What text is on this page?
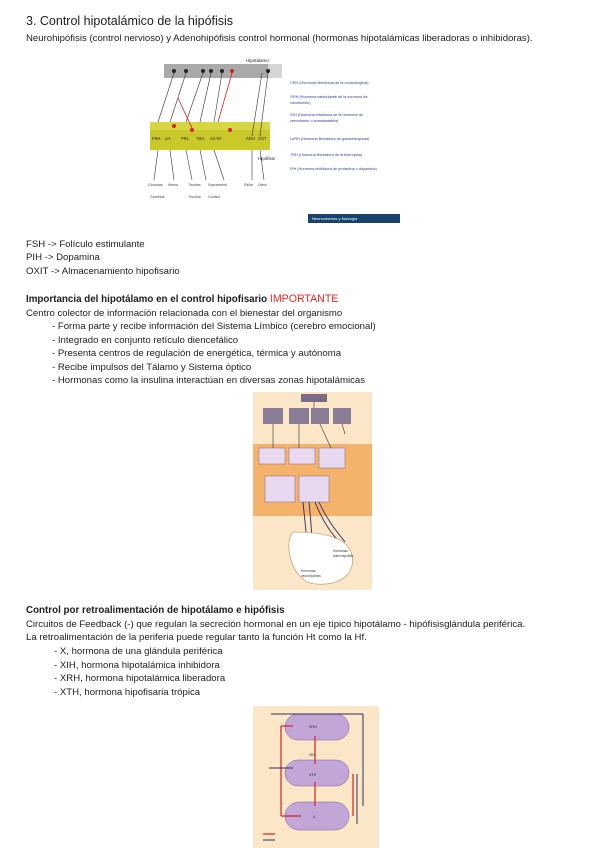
3. Control hipotalámico de la hipófisis
Neurohipófisis (control nervioso) y Adenohipófisis control hormonal (hormonas hipotalámicas liberadoras o inhibidoras).
Hipotálamo
Hipófisis
FSH LH	PRL TSH ACTH	ADH OXT
Gónadas Mama	Tiroides Suprarrenal	Riñón Útero
Gametos	Tiroxina Cortisol
CRH (Hormona liberadora de la corticotropina)
GRH (Hormona estimulante de la hormona de
crecimiento)
GIH (Hormona inhibidora de la hormona de
crecimiento o somatostatina)
LnRH (Hormona liberadora de gonadotropinas)
TRH (Hormona liberadora de la tirotropina)
PIH (Hormona inhibidora de prolactina o dopamina)
Neurociencias y fisiología
FSH -> Folículo estimulante
PIH -> Dopamina
OXIT -> Almacenamiento hipofisario
Importancia del hipotálamo en el control hipofisario IMPORTANTE
Centro colector de información relacionada con el bienestar del organismo
- Forma parte y recibe información del Sistema Límbico (cerebro emocional)
- Integrado en conjunto retículo diencefálico
- Presenta centros de regulación de energética, térmica y autónoma
- Recibe impulsos del Tálamo y Sistema óptico
- Hormonas como la insulina interactúan en diversas zonas hipotalámicas
Hormonas
adenohipófisis
Hormonas
neurohipófisis
Control por retroalimentación de hipotálamo e hipófisis
Circuitos de Feedback (-) que regulan la secreción hormonal en un eje típico hipotálamo - hipófisisglándula periférica.
La retroalimentación de la periferia puede regular tanto la función Ht como la Hf.
- X, hormona de una glándula periférica
- XIH, hormona hipotalámica inhibidora
- XRH, hormona hipotalámica liberadora
- XTH, hormona hipofisaria trópica
XRH
XIH
XTH
X
